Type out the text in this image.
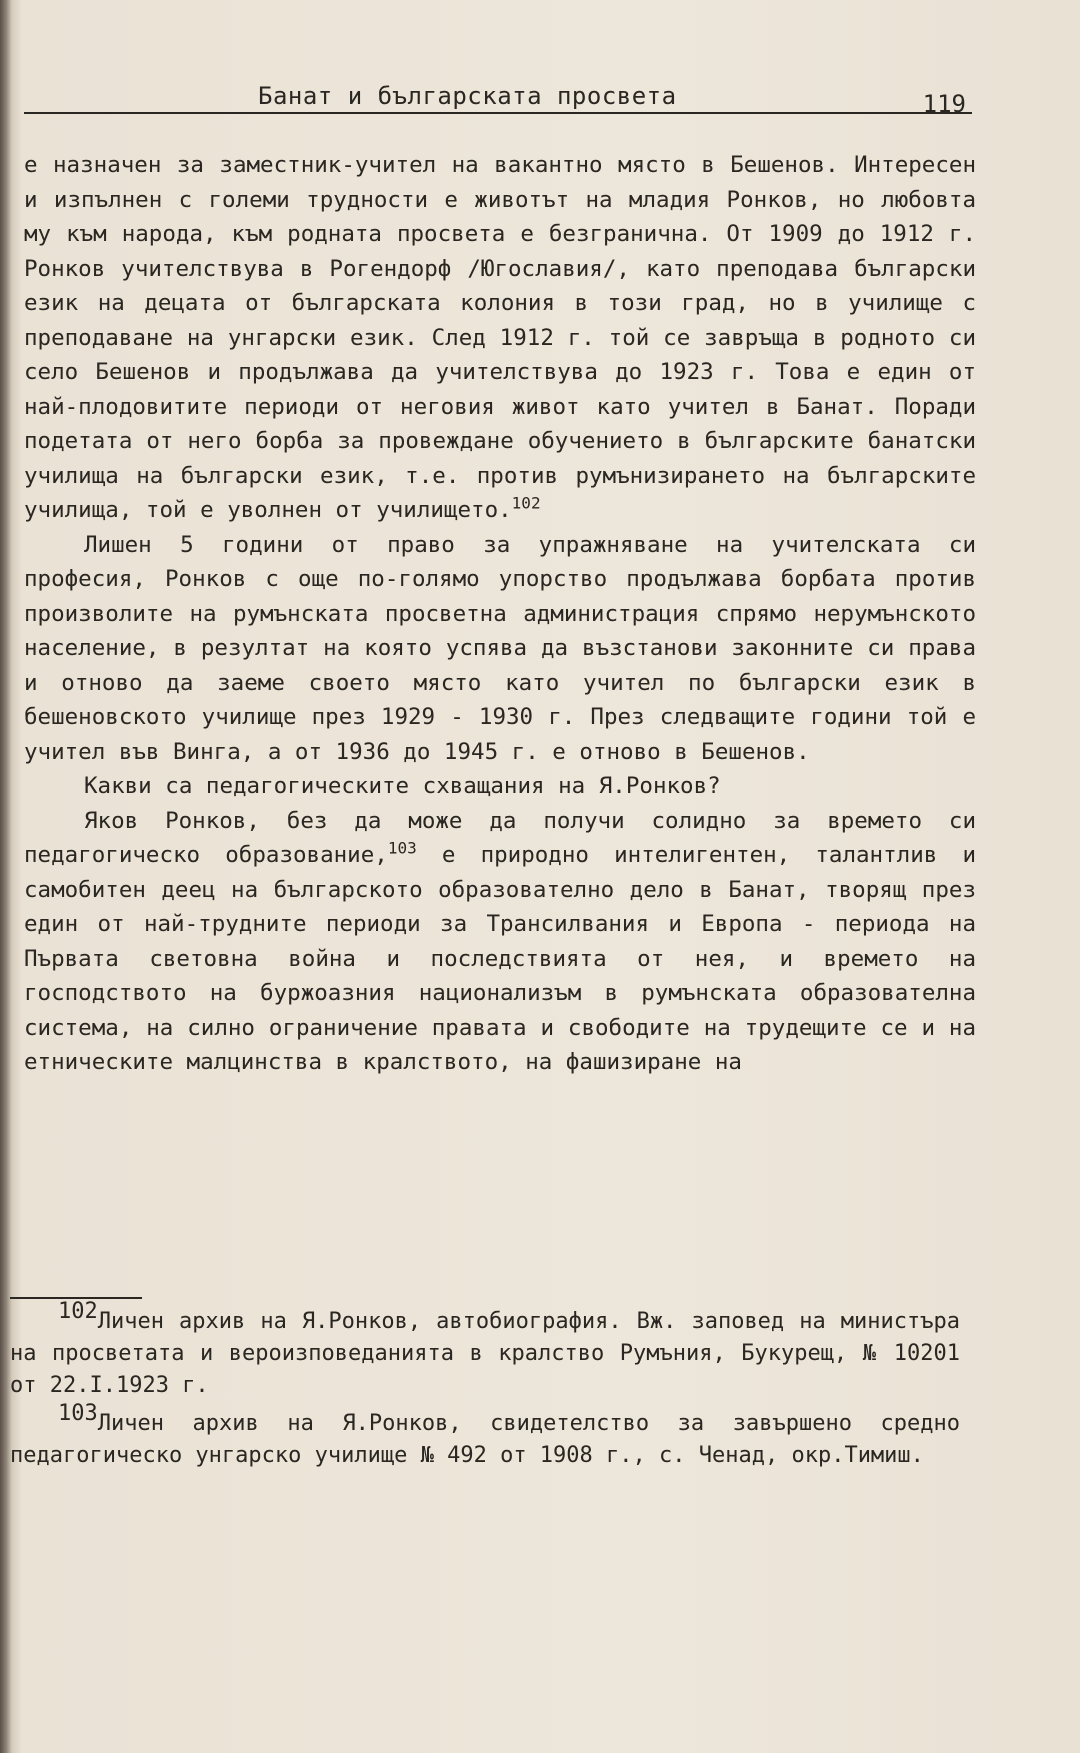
Банат и българската просвета	119

е назначен за заместник-учител на вакантно място в Бешенов. Интересен и изпълнен с големи трудности е животът на младия Ронков, но любовта му към народа, към родната просвета е безгранична. От 1909 до 1912 г. Ронков учителствува в Рогендорф /Югославия/, като преподава български език на децата от българската колония в този град, но в училище с преподаване на унгарски език. След 1912 г. той се завръща в родното си село Бешенов и продължава да учителствува до 1923 г. Това е един от най-плодовитите периоди от неговия живот като учител в Банат. Поради подетата от него борба за провеждане обучението в българските банатски училища на български език, т.е. против румънизирането на българските училища, той е уволнен от училището.$^{102}$

Лишен 5 години от право за упражняване на учителската си професия, Ронков с още по-голямо упорство продължава борбата против произволите на румънската просветна администрация спрямо нерумънското население, в резултат на която успява да възстанови законните си права и отново да заеме своето място като учител по български език в бешеновското училище през 1929 - 1930 г. През следващите години той е учител във Винга, а от 1936 до 1945 г. е отново в Бешенов.

Какви са педагогическите схващания на Я.Ронков?

Яков Ронков, без да може да получи солидно за времето си педагогическо образование,$^{103}$ е природно интелигентен, талантлив и самобитен деец на българското образователно дело в Банат, творящ през един от най-трудните периоди за Трансилвания и Европа - периода на Първата световна война и последствията от нея, и времето на господството на буржоазния национализъм в румънската образователна система, на силно ограничение правата и свободите на трудещите се и на етническите малцинства в кралството, на фашизиране на

102Личен архив на Я.Ронков, автобиография. Вж. заповед на министъра на просветата и вероизповеданията в кралство Румъния, Букурещ, № 10201 от 22.I.1923 г.

103Личен архив на Я.Ронков, свидетелство за завършено средно педагогическо унгарско училище № 492 от 1908 г., с. Ченад, окр.Тимиш.
